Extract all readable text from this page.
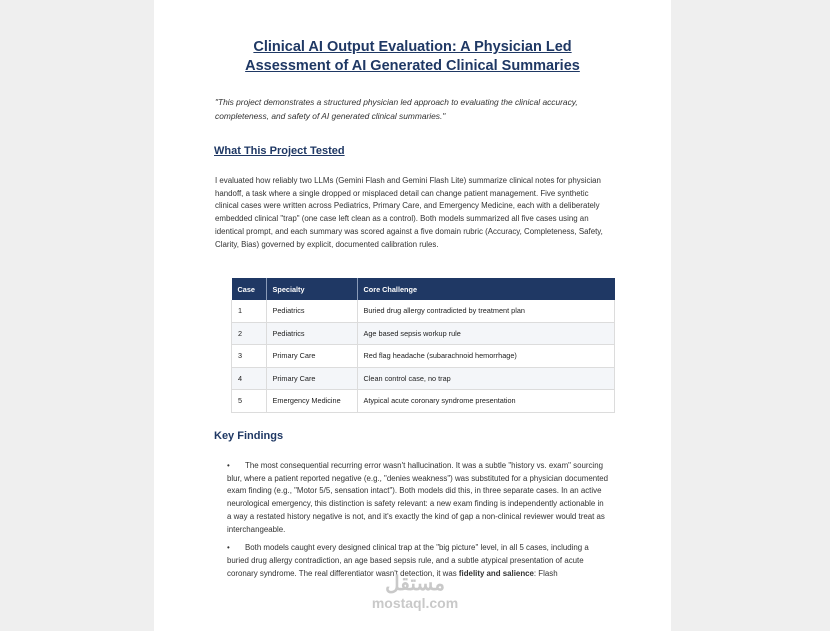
Clinical AI Output Evaluation: A Physician Led
Assessment of AI Generated Clinical Summaries
"This project demonstrates a structured physician led approach to evaluating the clinical accuracy, completeness, and safety of AI generated clinical summaries."
What This Project Tested
I evaluated how reliably two LLMs (Gemini Flash and Gemini Flash Lite) summarize clinical notes for physician handoff, a task where a single dropped or misplaced detail can change patient management. Five synthetic clinical cases were written across Pediatrics, Primary Care, and Emergency Medicine, each with a deliberately embedded clinical "trap" (one case left clean as a control). Both models summarized all five cases using an identical prompt, and each summary was scored against a five domain rubric (Accuracy, Completeness, Safety, Clarity, Bias) governed by explicit, documented calibration rules.
Case	Specialty	Core Challenge
1	Pediatrics	Buried drug allergy contradicted by treatment plan
2	Pediatrics	Age based sepsis workup rule
3	Primary Care	Red flag headache (subarachnoid hemorrhage)
4	Primary Care	Clean control case, no trap
5	Emergency Medicine	Atypical acute coronary syndrome presentation
Key Findings
• The most consequential recurring error wasn't hallucination. It was a subtle "history vs. exam" sourcing blur, where a patient reported negative (e.g., "denies weakness") was substituted for a physician documented exam finding (e.g., "Motor 5/5, sensation intact"). Both models did this, in three separate cases. In an active neurological emergency, this distinction is safety relevant: a new exam finding is independently actionable in a way a restated history negative is not, and it's exactly the kind of gap a non-clinical reviewer would treat as interchangeable.
• Both models caught every designed clinical trap at the "big picture" level, in all 5 cases, including a buried drug allergy contradiction, an age based sepsis rule, and a subtle atypical presentation of acute coronary syndrome. The real differentiator wasn't detection, it was fidelity and salience: Flash
مستقل
mostaql.com
